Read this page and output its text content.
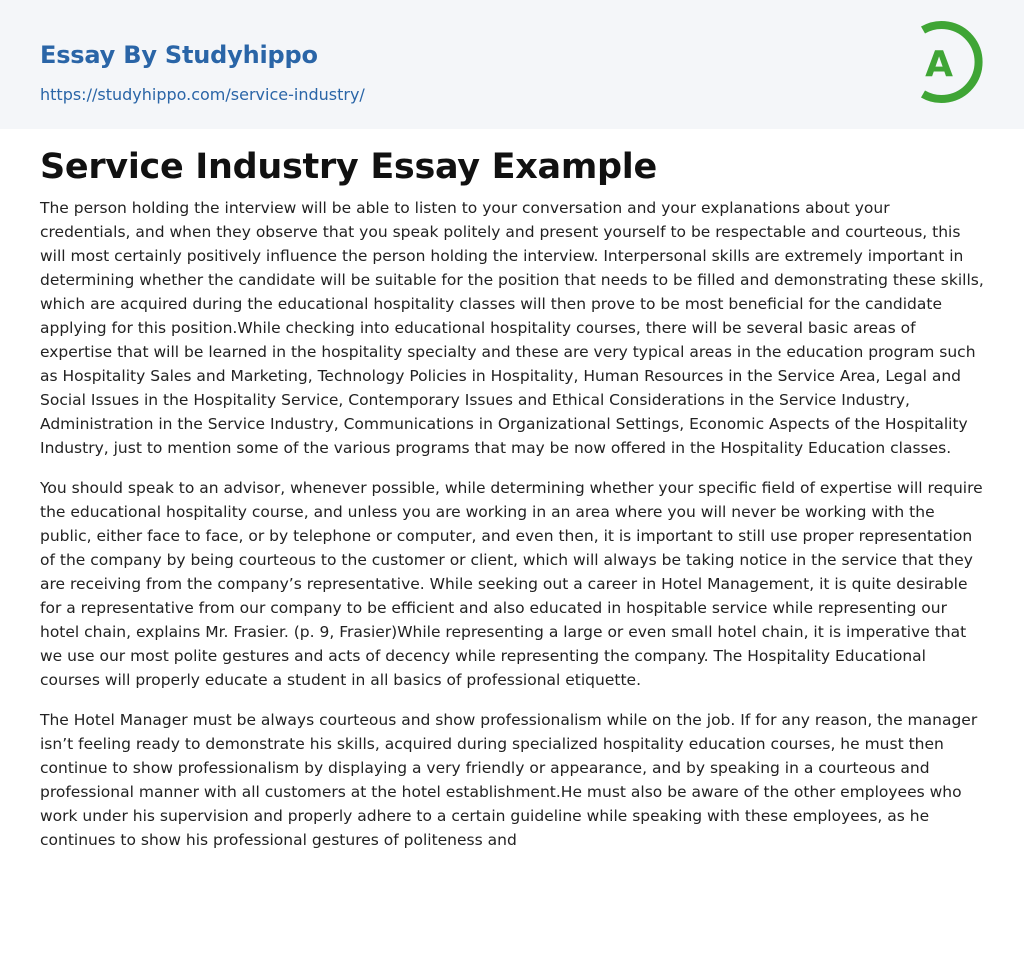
Essay By Studyhippo

https://studyhippo.com/service-industry/
A
Service Industry Essay Example

The person holding the interview will be able to listen to your conversation and your explanations about your credentials, and when they observe that you speak politely and present yourself to be respectable and courteous, this will most certainly positively influence the person holding the interview. Interpersonal skills are extremely important in determining whether the candidate will be suitable for the position that needs to be filled and demonstrating these skills, which are acquired during the educational hospitality classes will then prove to be most beneficial for the candidate applying for this position.While checking into educational hospitality courses, there will be several basic areas of expertise that will be learned in the hospitality specialty and these are very typical areas in the education program such as Hospitality Sales and Marketing, Technology Policies in Hospitality, Human Resources in the Service Area, Legal and Social Issues in the Hospitality Service, Contemporary Issues and Ethical Considerations in the Service Industry, Administration in the Service Industry, Communications in Organizational Settings, Economic Aspects of the Hospitality Industry, just to mention some of the various programs that may be now offered in the Hospitality Education classes.

You should speak to an advisor, whenever possible, while determining whether your specific field of expertise will require the educational hospitality course, and unless you are working in an area where you will never be working with the public, either face to face, or by telephone or computer, and even then, it is important to still use proper representation of the company by being courteous to the customer or client, which will always be taking notice in the service that they are receiving from the company’s representative. While seeking out a career in Hotel Management, it is quite desirable for a representative from our company to be efficient and also educated in hospitable service while representing our hotel chain, explains Mr. Frasier. (p. 9, Frasier)While representing a large or even small hotel chain, it is imperative that we use our most polite gestures and acts of decency while representing the company. The Hospitality Educational courses will properly educate a student in all basics of professional etiquette.

The Hotel Manager must be always courteous and show professionalism while on the job. If for any reason, the manager isn’t feeling ready to demonstrate his skills, acquired during specialized hospitality education courses, he must then continue to show professionalism by displaying a very friendly or appearance, and by speaking in a courteous and professional manner with all customers at the hotel establishment.He must also be aware of the other employees who work under his supervision and properly adhere to a certain guideline while speaking with these employees, as he continues to show his professional gestures of politeness and
